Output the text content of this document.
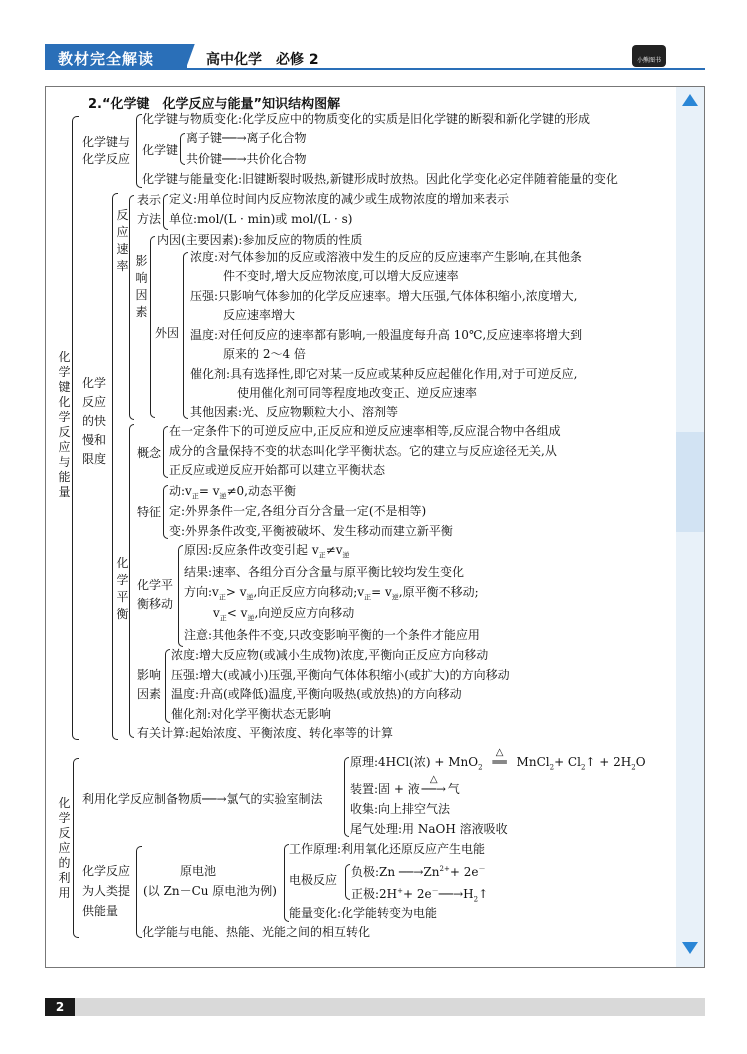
教材完全解读	高中化学　必修 2	小熊图书
2.“化学键　化学反应与能量”知识结构图解
化学键　化学反应与能量
化学键与
化学反应
化学键与物质变化:化学反应中的物质变化的实质是旧化学键的断裂和新化学键的形成
化学键
离子键──→离子化合物
共价键──→共价化合物
化学键与能量变化:旧键断裂时吸热,新键形成时放热。因此化学变化必定伴随着能量的变化
化学反应的快慢和限度
反应速率
表示
方法
定义:用单位时间内反应物浓度的减少或生成物浓度的增加来表示
单位:mol/(L · min)或 mol/(L · s)
影响因素
内因(主要因素):参加反应的物质的性质
外因
浓度:对气体参加的反应或溶液中发生的反应的反应速率产生影响,在其他条
件不变时,增大反应物浓度,可以增大反应速率
压强:只影响气体参加的化学反应速率。增大压强,气体体积缩小,浓度增大,
反应速率增大
温度:对任何反应的速率都有影响,一般温度每升高 10℃,反应速率将增大到
原来的 2～4 倍
催化剂:具有选择性,即它对某一反应或某种反应起催化作用,对于可逆反应,
使用催化剂可同等程度地改变正、逆反应速率
其他因素:光、反应物颗粒大小、溶剂等
化学平衡
概念
在一定条件下的可逆反应中,正反应和逆反应速率相等,反应混合物中各组成
成分的含量保持不变的状态叫化学平衡状态。它的建立与反应途径无关,从
正反应或逆反应开始都可以建立平衡状态
特征
动$:v_正= v_逆\ne 0$,动态平衡
定:外界条件一定,各组分百分含量一定(不是相等)
变:外界条件改变,平衡被破坏、发生移动而建立新平衡
化学平
衡移动
原因:反应条件改变引起 $v_正\ne v_逆$
结果:速率、各组分百分含量与原平衡比较均发生变化
方向$:v_正> v_逆$,向正反应方向移动$;v_正= v_逆$,原平衡不移动;
$v_正< v_逆$,向逆反应方向移动
注意:其他条件不变,只改变影响平衡的一个条件才能应用
影响
因素
浓度:增大反应物(或减小生成物)浓度,平衡向正反应方向移动
压强:增大(或减小)压强,平衡向气体体积缩小(或扩大)的方向移动
温度:升高(或降低)温度,平衡向吸热(或放热)的方向移动
催化剂:对化学平衡状态无影响
有关计算:起始浓度、平衡浓度、转化率等的计算
化学反应的利用
利用化学反应制备物质──→氯气的实验室制法
原理:4HCl(浓) + MnO$_2$
△
══ MnCl$_2$+ $Cl_2↑ + 2H_2O$
装置:固 + 液
△
──→ 气
收集:向上排空气法
尾气处理:用 NaOH 溶液吸收
化学反应
为人类提
供能量
原电池
(以 Zn－Cu 原电池为例)
工作原理:利用氧化还原反应产生电能
电极反应
负极:Zn $──\to Zn^{2+}+ 2e^-$
正极:2H++ $2e^-──\to H_2↑$
能量变化:化学能转变为电能
化学能与电能、热能、光能之间的相互转化
2
